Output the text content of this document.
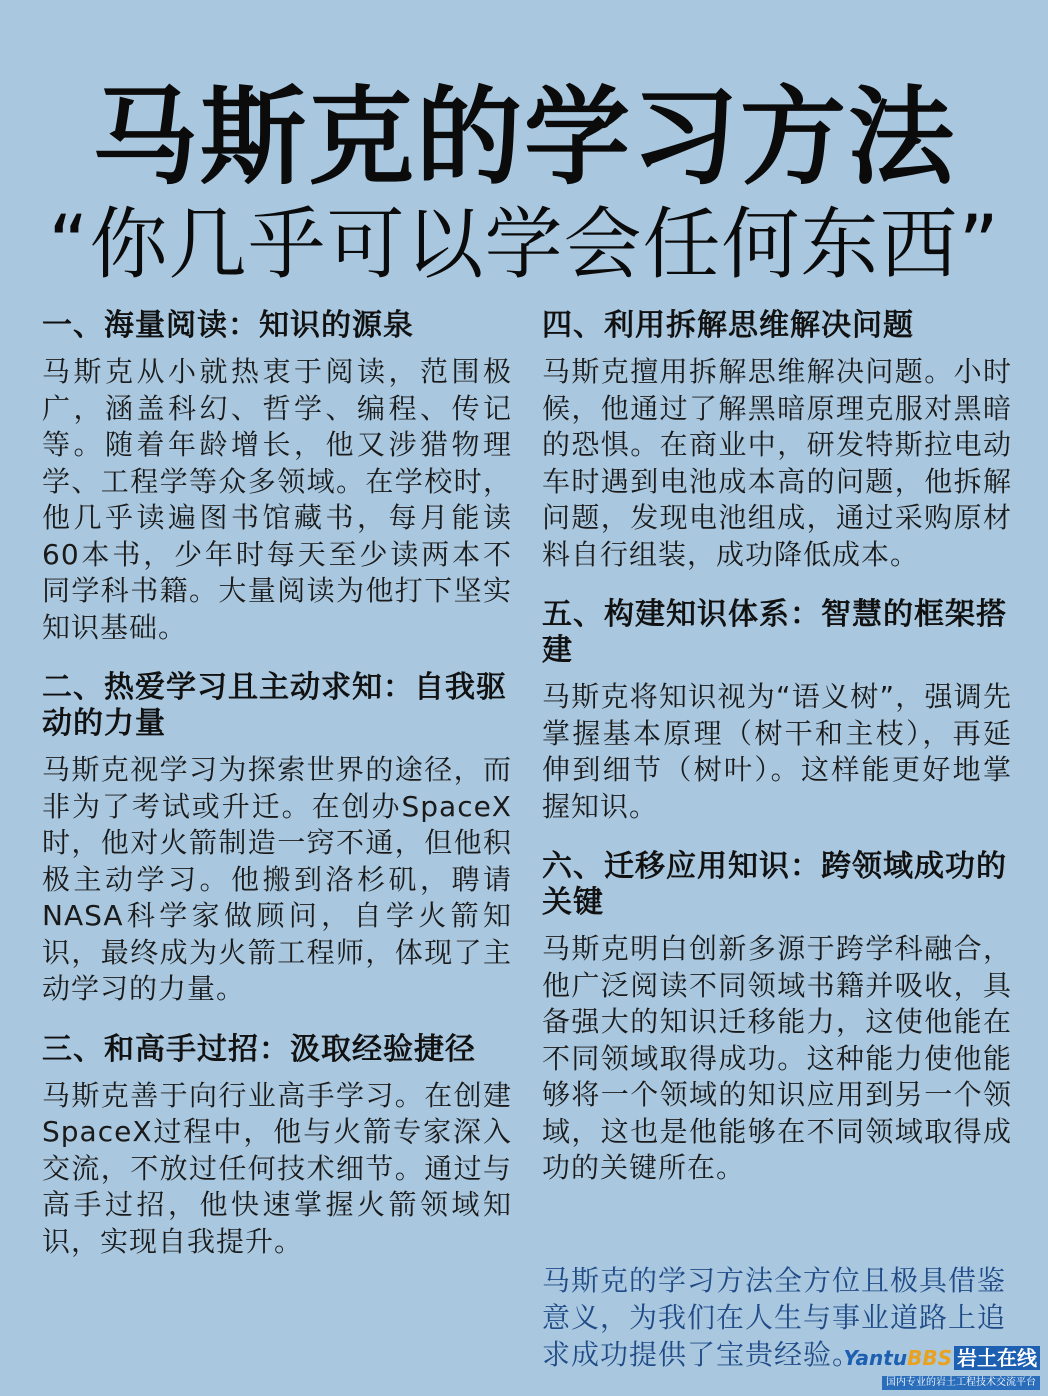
马斯克的学习方法
“你几乎可以学会任何东西”

一、海量阅读：知识的源泉

马斯克从小就热衷于阅读，范围极广，涵盖科幻、哲学、编程、传记等。随着年龄增长，他又涉猎物理学、工程学等众多领域。在学校时，他几乎读遍图书馆藏书，每月能读60本书，少年时每天至少读两本不同学科书籍。大量阅读为他打下坚实知识基础。

二、热爱学习且主动求知：自我驱动的力量

马斯克视学习为探索世界的途径，而非为了考试或升迁。在创办SpaceX时，他对火箭制造一窍不通，但他积极主动学习。他搬到洛杉矶，聘请NASA科学家做顾问，自学火箭知识，最终成为火箭工程师，体现了主动学习的力量。

三、和高手过招：汲取经验捷径

马斯克善于向行业高手学习。在创建SpaceX过程中，他与火箭专家深入交流，不放过任何技术细节。通过与高手过招，他快速掌握火箭领域知识，实现自我提升。

四、利用拆解思维解决问题

马斯克擅用拆解思维解决问题。小时候，他通过了解黑暗原理克服对黑暗的恐惧。在商业中，研发特斯拉电动车时遇到电池成本高的问题，他拆解问题，发现电池组成，通过采购原材料自行组装，成功降低成本。

五、构建知识体系：智慧的框架搭建

马斯克将知识视为“语义树”，强调先掌握基本原理（树干和主枝），再延伸到细节（树叶）。这样能更好地掌握知识。

六、迁移应用知识：跨领域成功的关键

马斯克明白创新多源于跨学科融合，他广泛阅读不同领域书籍并吸收，具备强大的知识迁移能力，这使他能在不同领域取得成功。这种能力使他能够将一个领域的知识应用到另一个领域，这也是他能够在不同领域取得成功的关键所在。

马斯克的学习方法全方位且极具借鉴意义，为我们在人生与事业道路上追求成功提供了宝贵经验。

YantuBBS 岩土在线
国内专业的岩土工程技术交流平台
